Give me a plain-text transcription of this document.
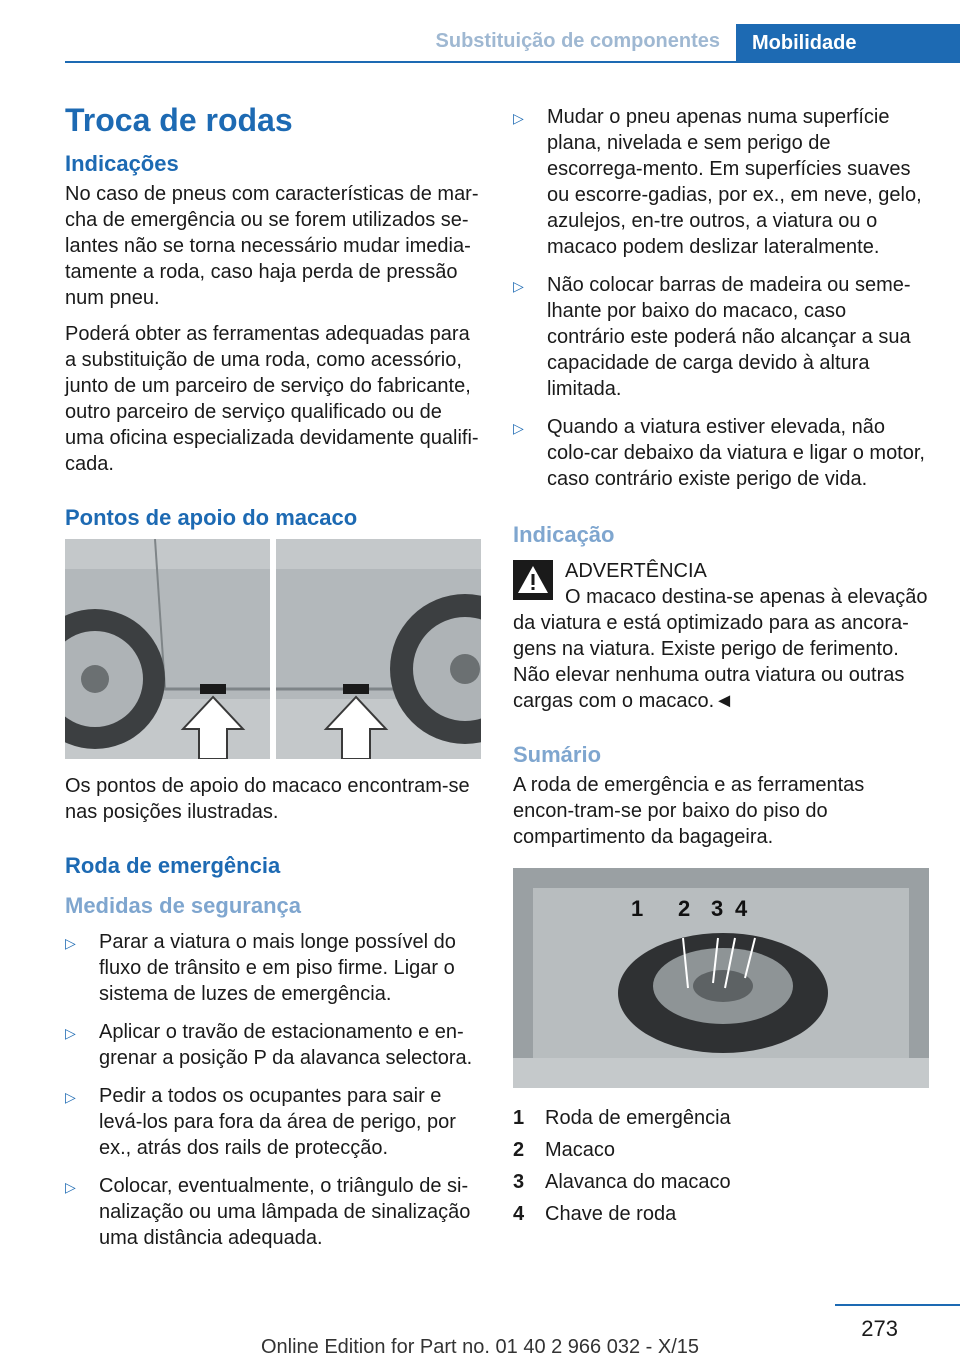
Substituição de componentes	Mobilidade
Troca de rodas
Indicações

No caso de pneus com características de mar-cha de emergência ou se forem utilizados se-lantes não se torna necessário mudar imedia-tamente a roda, caso haja perda de pressão num pneu.

Poderá obter as ferramentas adequadas para a substituição de uma roda, como acessório, junto de um parceiro de serviço do fabricante, outro parceiro de serviço qualificado ou de uma oficina especializada devidamente qualifi-cada.

Pontos de apoio do macaco

Os pontos de apoio do macaco encontram-se nas posições ilustradas.

Roda de emergência
Medidas de segurança
▷ Parar a viatura o mais longe possível do fluxo de trânsito e em piso firme. Ligar o sistema de luzes de emergência.
▷ Aplicar o travão de estacionamento e en-grenar a posição P da alavanca selectora.
▷ Pedir a todos os ocupantes para sair e levá-los para fora da área de perigo, por ex., atrás dos rails de protecção.
▷ Colocar, eventualmente, o triângulo de si-nalização ou uma lâmpada de sinalização uma distância adequada.
▷ Mudar o pneu apenas numa superfície plana, nivelada e sem perigo de escorrega-mento. Em superfícies suaves ou escorre-gadias, por ex., em neve, gelo, azulejos, en-tre outros, a viatura ou o macaco podem deslizar lateralmente.
▷ Não colocar barras de madeira ou seme-lhante por baixo do macaco, caso contrário este poderá não alcançar a sua capacidade de carga devido à altura limitada.
▷ Quando a viatura estiver elevada, não colo-car debaixo da viatura e ligar o motor, caso contrário existe perigo de vida.
Indicação

ADVERTÊNCIA

O macaco destina-se apenas à elevação da viatura e está optimizado para as ancora-gens na viatura. Existe perigo de ferimento. Não elevar nenhuma outra viatura ou outras cargas com o macaco.◄

Sumário

A roda de emergência e as ferramentas encon-tram-se por baixo do piso do compartimento da bagageira.

1 2 3 4
1	Roda de emergência
2	Macaco
3	Alavanca do macaco
4	Chave de roda
273
Online Edition for Part no. 01 40 2 966 032 - X/15
